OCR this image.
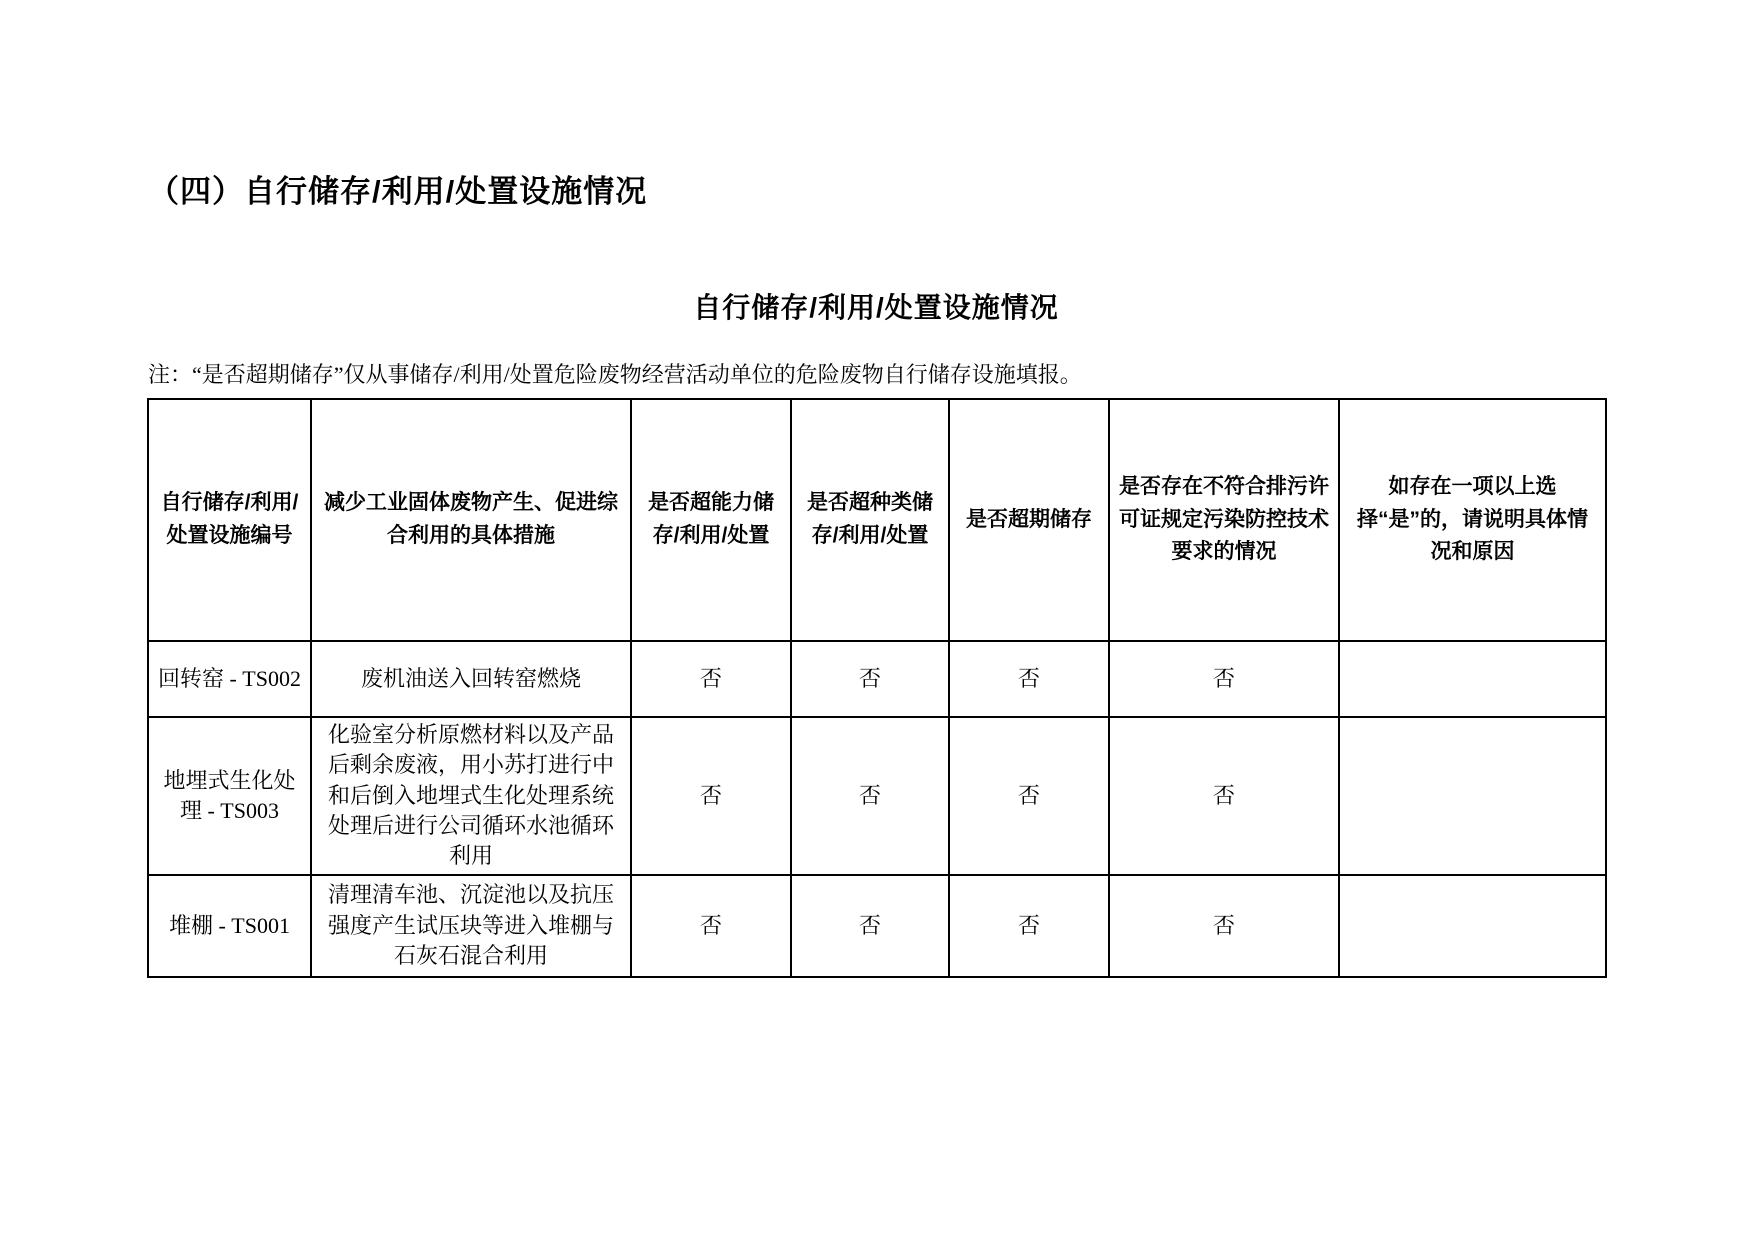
（四）自行储存/利用/处置设施情况
自行储存/利用/处置设施情况
注：“是否超期储存”仅从事储存/利用/处置危险废物经营活动单位的危险废物自行储存设施填报。
自行储存/利用/处置设施编号	减少工业固体废物产生、促进综合利用的具体措施	是否超能力储存/利用/处置	是否超种类储存/利用/处置	是否超期储存	是否存在不符合排污许可证规定污染防控技术要求的情况	如存在一项以上选择“是”的，请说明具体情况和原因
回转窑 - TS002	废机油送入回转窑燃烧	否	否	否	否	
地埋式生化处理 - TS003	化验室分析原燃材料以及产品后剩余废液，用小苏打进行中和后倒入地埋式生化处理系统处理后进行公司循环水池循环利用	否	否	否	否	
堆棚 - TS001	清理清车池、沉淀池以及抗压强度产生试压块等进入堆棚与石灰石混合利用	否	否	否	否	
